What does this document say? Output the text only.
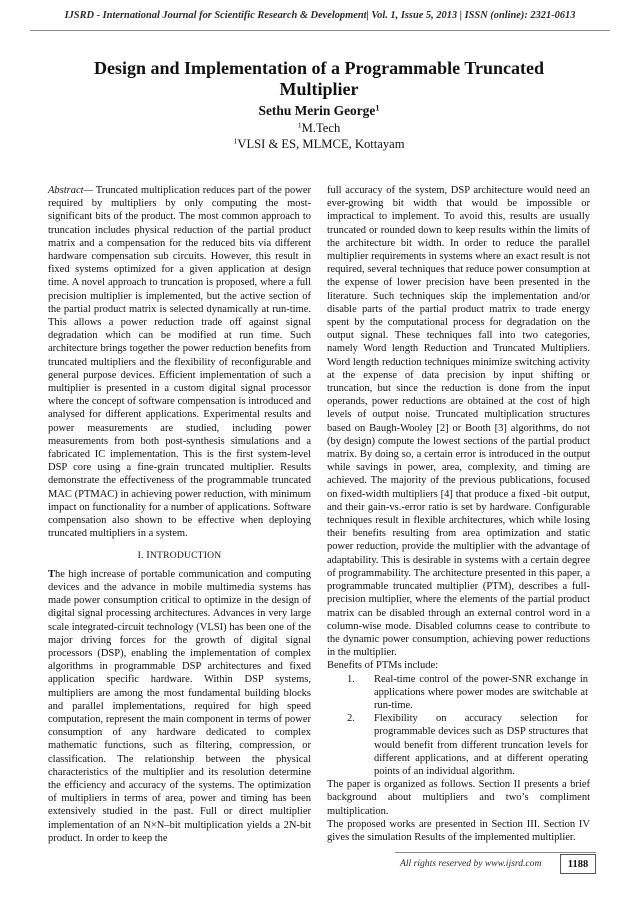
IJSRD - International Journal for Scientific Research & Development| Vol. 1, Issue 5, 2013 | ISSN (online): 2321-0613
Design and Implementation of a Programmable Truncated
Multiplier
Sethu Merin George$^1$
$^1$M.Tech
$^1$VLSI & ES, MLMCE, Kottayam

Abstract— Truncated multiplication reduces part of the power required by multipliers by only computing the most-significant bits of the product. The most common approach to truncation includes physical reduction of the partial product matrix and a compensation for the reduced bits via different hardware compensation sub circuits. However, this result in fixed systems optimized for a given application at design time. A novel approach to truncation is proposed, where a full precision multiplier is implemented, but the active section of the partial product matrix is selected dynamically at run-time. This allows a power reduction trade off against signal degradation which can be modified at run time. Such architecture brings together the power reduction benefits from truncated multipliers and the flexibility of reconfigurable and general purpose devices. Efficient implementation of such a multiplier is presented in a custom digital signal processor where the concept of software compensation is introduced and analysed for different applications. Experimental results and power measurements are studied, including power measurements from both post-synthesis simulations and a fabricated IC implementation. This is the first system-level DSP core using a fine-grain truncated multiplier. Results demonstrate the effectiveness of the programmable truncated MAC (PTMAC) in achieving power reduction, with minimum impact on functionality for a number of applications. Software compensation also shown to be effective when deploying truncated multipliers in a system.

I. INTRODUCTION

The high increase of portable communication and computing devices and the advance in mobile multimedia systems has made power consumption critical to optimize in the design of digital signal processing architectures. Advances in very large scale integrated-circuit technology (VLSI) has been one of the major driving forces for the growth of digital signal processors (DSP), enabling the implementation of complex algorithms in programmable DSP architectures and fixed application specific hardware. Within DSP systems, multipliers are among the most fundamental building blocks and parallel implementations, required for high speed computation, represent the main component in terms of power consumption of any hardware dedicated to complex mathematic functions, such as filtering, compression, or classification. The relationship between the physical characteristics of the multiplier and its resolution determine the efficiency and accuracy of the systems. The optimization of multipliers in terms of area, power and timing has been extensively studied in the past. Full or direct multiplier implementation of an N×N–bit multiplication yields a 2N-bit product. In order to keep the

full accuracy of the system, DSP architecture would need an ever-growing bit width that would be impossible or impractical to implement. To avoid this, results are usually truncated or rounded down to keep results within the limits of the architecture bit width. In order to reduce the parallel multiplier requirements in systems where an exact result is not required, several techniques that reduce power consumption at the expense of lower precision have been presented in the literature. Such techniques skip the implementation and/or disable parts of the partial product matrix to trade energy spent by the computational process for degradation on the output signal. These techniques fall into two categories, namely Word length Reduction and Truncated Multipliers. Word length reduction techniques minimize switching activity at the expense of data precision by input shifting or truncation, but since the reduction is done from the input operands, power reductions are obtained at the cost of high levels of output noise. Truncated multiplication structures based on Baugh-Wooley [2] or Booth [3] algorithms, do not (by design) compute the lowest sections of the partial product matrix. By doing so, a certain error is introduced in the output while savings in power, area, complexity, and timing are achieved. The majority of the previous publications, focused on fixed-width multipliers [4] that produce a fixed -bit output, and their gain-vs.-error ratio is set by hardware. Configurable techniques result in flexible architectures, which while losing their benefits resulting from area optimization and static power reduction, provide the multiplier with the advantage of adaptability. This is desirable in systems with a certain degree of programmability. The architecture presented in this paper, a programmable truncated multiplier (PTM), describes a full-precision multiplier, where the elements of the partial product matrix can be disabled through an external control word in a column-wise mode. Disabled columns cease to contribute to the dynamic power consumption, achieving power reductions in the multiplier.

Benefits of PTMs include:

1. Real-time control of the power-SNR exchange in applications where power modes are switchable at run-time.
2. Flexibility on accuracy selection for programmable devices such as DSP structures that would benefit from different truncation levels for different applications, and at different operating points of an individual algorithm.

The paper is organized as follows. Section II presents a brief background about multipliers and two’s compliment multiplication.

The proposed works are presented in Section III. Section IV gives the simulation Results of the implemented multiplier.

All rights reserved by www.ijsrd.com	1188
